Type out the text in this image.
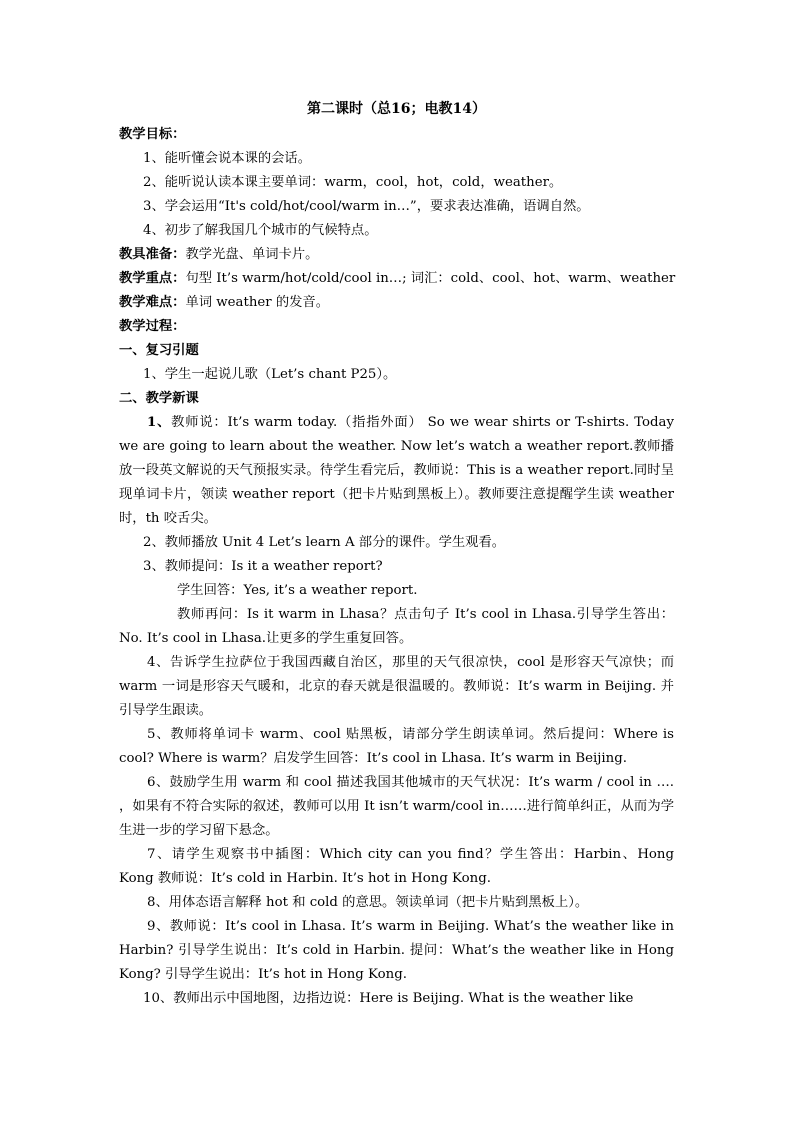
第二课时（总16；电教14）

教学目标：

1、能听懂会说本课的会话。

2、能听说认读本课主要单词：warm，cool，hot，cold，weather。

3、学会运用“It's cold/hot/cool/warm in…”，要求表达准确，语调自然。

4、初步了解我国几个城市的气候特点。

教具准备：教学光盘、单词卡片。

教学重点：句型 It’s warm/hot/cold/cool in…; 词汇：cold、cool、hot、warm、weather

教学难点：单词 weather 的发音。

教学过程：

一、复习引题

1、学生一起说儿歌（Let’s chant P25）。

二、教学新课

1、教师说：It’s warm today.（指指外面） So we wear shirts or T-shirts. Today we are going to learn about the weather. Now let’s watch a weather report.教师播放一段英文解说的天气预报实录。待学生看完后，教师说：This is a weather report.同时呈现单词卡片，领读 weather report（把卡片贴到黑板上）。教师要注意提醒学生读 weather 时，th 咬舌尖。

2、教师播放 Unit 4 Let’s learn A 部分的课件。学生观看。

3、教师提问：Is it a weather report?

学生回答：Yes, it’s a weather report.

教师再问：Is it warm in Lhasa？点击句子 It’s cool in Lhasa.引导学生答出：No. It’s cool in Lhasa.让更多的学生重复回答。

4、告诉学生拉萨位于我国西藏自治区，那里的天气很凉快，cool 是形容天气凉快；而 warm 一词是形容天气暖和，北京的春天就是很温暖的。教师说：It’s warm in Beijing. 并引导学生跟读。

5、教师将单词卡 warm、cool 贴黑板，请部分学生朗读单词。然后提问：Where is cool? Where is warm？启发学生回答：It’s cool in Lhasa. It’s warm in Beijing.

6、鼓励学生用 warm 和 cool 描述我国其他城市的天气状况：It’s warm / cool in …. ，如果有不符合实际的叙述，教师可以用 It isn’t warm/cool in……进行简单纠正，从而为学生进一步的学习留下悬念。

7、请学生观察书中插图：Which city can you find？学生答出：Harbin、Hong Kong 教师说：It’s cold in Harbin. It’s hot in Hong Kong.

8、用体态语言解释 hot 和 cold 的意思。领读单词（把卡片贴到黑板上）。

9、教师说：It’s cool in Lhasa. It’s warm in Beijing. What’s the weather like in Harbin? 引导学生说出：It’s cold in Harbin. 提问：What’s the weather like in Hong Kong? 引导学生说出：It’s hot in Hong Kong.

10、教师出示中国地图，边指边说：Here is Beijing. What is the weather like
